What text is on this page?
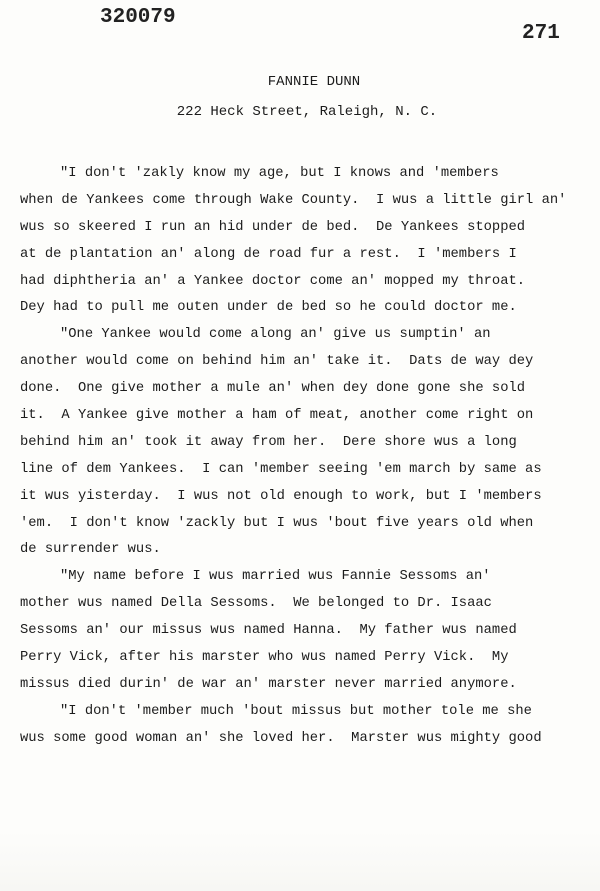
320079
271
FANNIE DUNN
222 Heck Street, Raleigh, N. C.
"I don't 'zakly know my age, but I knows and 'members
when de Yankees come through Wake County.  I wus a little girl an'
wus so skeered I run an hid under de bed.  De Yankees stopped
at de plantation an' along de road fur a rest.  I 'members I
had diphtheria an' a Yankee doctor come an' mopped my throat.
Dey had to pull me outen under de bed so he could doctor me.
"One Yankee would come along an' give us sumptin' an
another would come on behind him an' take it.  Dats de way dey
done.  One give mother a mule an' when dey done gone she sold
it.  A Yankee give mother a ham of meat, another come right on
behind him an' took it away from her.  Dere shore wus a long
line of dem Yankees.  I can 'member seeing 'em march by same as
it wus yisterday.  I wus not old enough to work, but I 'members
'em.  I don't know 'zackly but I wus 'bout five years old when
de surrender wus.
"My name before I wus married wus Fannie Sessoms an'
mother wus named Della Sessoms.  We belonged to Dr. Isaac
Sessoms an' our missus wus named Hanna.  My father wus named
Perry Vick, after his marster who wus named Perry Vick.  My
missus died durin' de war an' marster never married anymore.
"I don't 'member much 'bout missus but mother tole me she
wus some good woman an' she loved her.  Marster wus mighty good
